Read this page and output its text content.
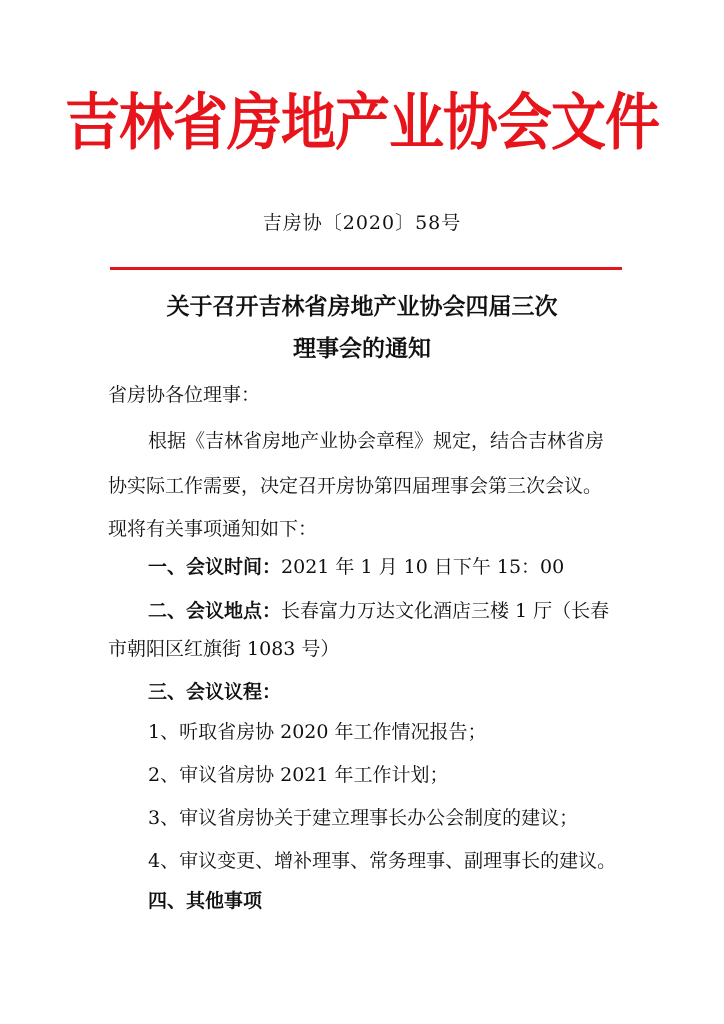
吉林省房地产业协会文件
吉房协〔2020〕58号
关于召开吉林省房地产业协会四届三次
理事会的通知
省房协各位理事：
根据《吉林省房地产业协会章程》规定，结合吉林省房
协实际工作需要，决定召开房协第四届理事会第三次会议。
现将有关事项通知如下：
一、会议时间：2021 年 1 月 10 日下午 15：00
二、会议地点：长春富力万达文化酒店三楼 1 厅（长春
市朝阳区红旗街 1083 号）
三、会议议程：
1、听取省房协 2020 年工作情况报告；
2、审议省房协 2021 年工作计划；
3、审议省房协关于建立理事长办公会制度的建议；
4、审议变更、增补理事、常务理事、副理事长的建议。
四、其他事项
